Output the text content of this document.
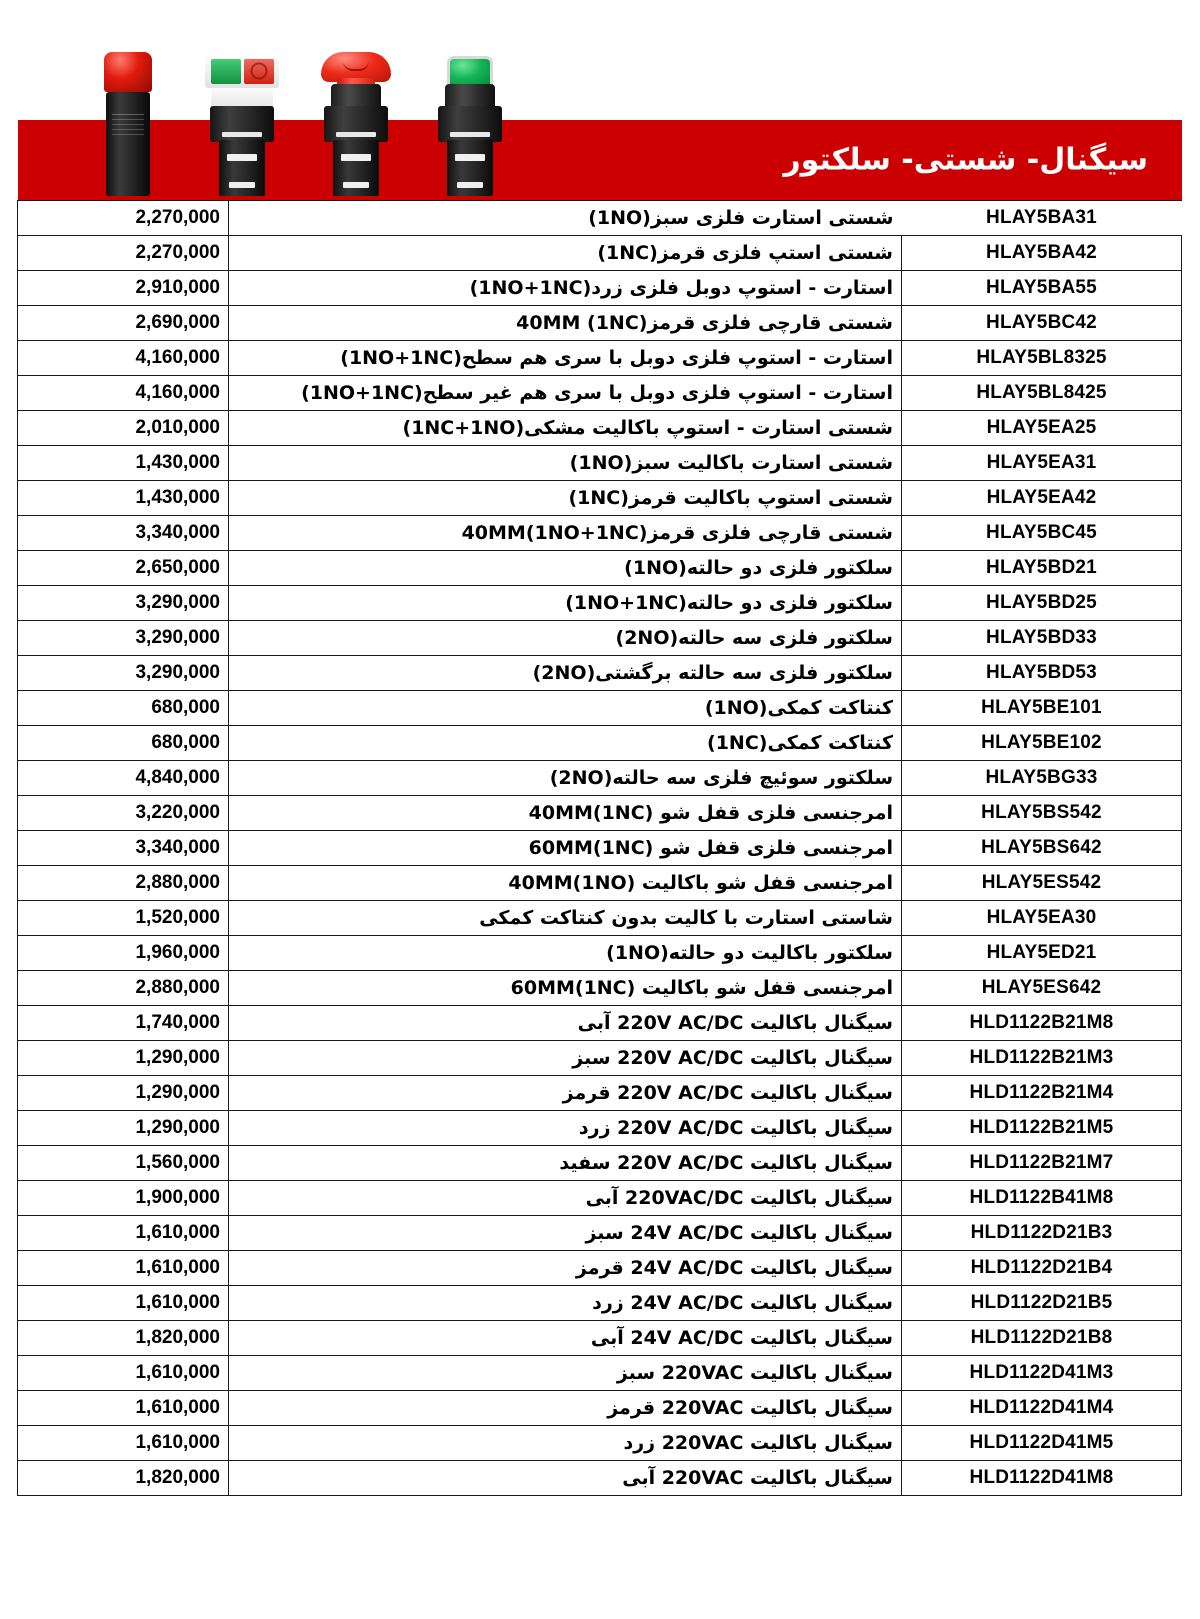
سیگنال- شستی- سلکتور
HLAY5BA31	شستی استارت فلزی سبز(1NO)	2,270,000
HLAY5BA42	شستی استپ فلزی قرمز(1NC)	2,270,000
HLAY5BA55	استارت - استوپ دوبل فلزی زرد(1NO+1NC)	2,910,000
HLAY5BC42	شستی قارچی فلزی قرمز40MM (1NC)	2,690,000
HLAY5BL8325	استارت - استوپ فلزی دوبل با سری هم سطح(1NO+1NC)	4,160,000
HLAY5BL8425	استارت - استوپ فلزی دوبل با سری هم غیر سطح(1NO+1NC)	4,160,000
HLAY5EA25	شستی استارت - استوپ باکالیت مشکی(1NC+1NO)	2,010,000
HLAY5EA31	شستی استارت باکالیت سبز(1NO)	1,430,000
HLAY5EA42	شستی استوپ باکالیت قرمز(1NC)	1,430,000
HLAY5BC45	شستی قارچی فلزی قرمز40MM(1NO+1NC)	3,340,000
HLAY5BD21	سلکتور فلزی دو حالته(1NO)	2,650,000
HLAY5BD25	سلکتور فلزی دو حالته(1NO+1NC)	3,290,000
HLAY5BD33	سلکتور فلزی سه حالته(2NO)	3,290,000
HLAY5BD53	سلکتور فلزی سه حالته برگشتی(2NO)	3,290,000
HLAY5BE101	کنتاکت کمکی(1NO)	680,000
HLAY5BE102	کنتاکت کمکی(1NC)	680,000
HLAY5BG33	سلکتور سوئیچ فلزی سه حالته(2NO)	4,840,000
HLAY5BS542	امرجنسی فلزی قفل شو 40MM(1NC)	3,220,000
HLAY5BS642	امرجنسی فلزی قفل شو 60MM(1NC)	3,340,000
HLAY5ES542	امرجنسی قفل شو باکالیت 40MM(1NO)	2,880,000
HLAY5EA30	شاستی استارت با کالیت بدون کنتاکت کمکی	1,520,000
HLAY5ED21	سلکتور باکالیت دو حالته(1NO)	1,960,000
HLAY5ES642	امرجنسی قفل شو باکالیت 60MM(1NC)	2,880,000
HLD1122B21M8	سیگنال باکالیت 220V AC/DC آبی	1,740,000
HLD1122B21M3	سیگنال باکالیت 220V AC/DC سبز	1,290,000
HLD1122B21M4	سیگنال باکالیت 220V AC/DC قرمز	1,290,000
HLD1122B21M5	سیگنال باکالیت 220V AC/DC زرد	1,290,000
HLD1122B21M7	سیگنال باکالیت 220V AC/DC سفید	1,560,000
HLD1122B41M8	سیگنال باکالیت 220VAC/DC آبی	1,900,000
HLD1122D21B3	سیگنال باکالیت 24V AC/DC سبز	1,610,000
HLD1122D21B4	سیگنال باکالیت 24V AC/DC قرمز	1,610,000
HLD1122D21B5	سیگنال باکالیت 24V AC/DC زرد	1,610,000
HLD1122D21B8	سیگنال باکالیت 24V AC/DC آبی	1,820,000
HLD1122D41M3	سیگنال باکالیت 220VAC سبز	1,610,000
HLD1122D41M4	سیگنال باکالیت 220VAC قرمز	1,610,000
HLD1122D41M5	سیگنال باکالیت 220VAC زرد	1,610,000
HLD1122D41M8	سیگنال باکالیت 220VAC آبی	1,820,000
